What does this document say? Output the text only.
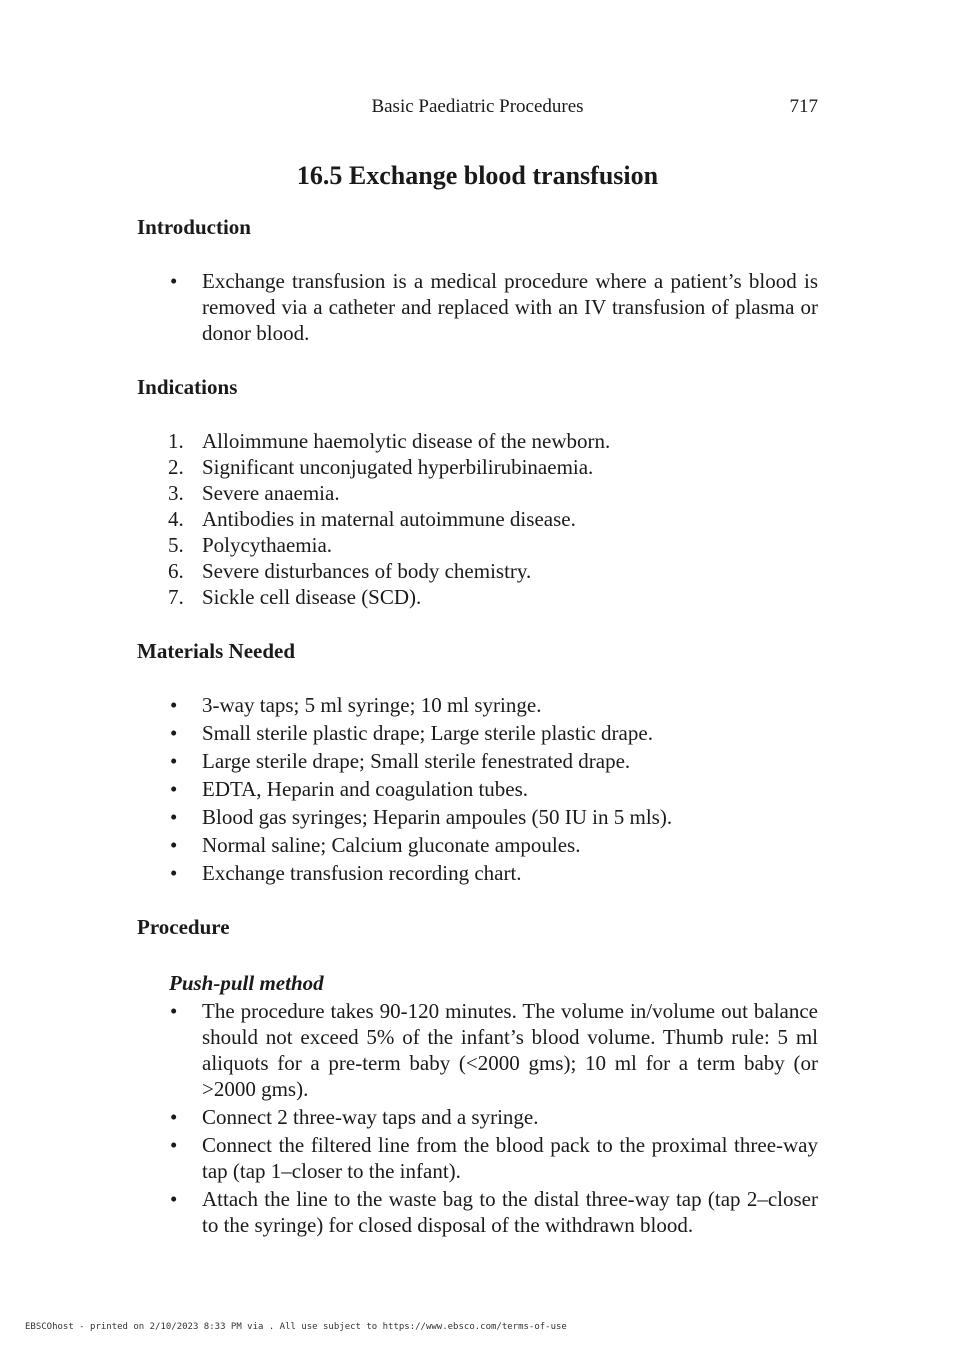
Basic Paediatric Procedures	717
16.5 Exchange blood transfusion
Introduction
• Exchange transfusion is a medical procedure where a patient’s blood is removed via a catheter and replaced with an IV transfusion of plasma or donor blood.
Indications
1. Alloimmune haemolytic disease of the newborn.
2. Significant unconjugated hyperbilirubinaemia.
3. Severe anaemia.
4. Antibodies in maternal autoimmune disease.
5. Polycythaemia.
6. Severe disturbances of body chemistry.
7. Sickle cell disease (SCD).
Materials Needed
• 3-way taps; 5 ml syringe; 10 ml syringe.
• Small sterile plastic drape; Large sterile plastic drape.
• Large sterile drape; Small sterile fenestrated drape.
• EDTA, Heparin and coagulation tubes.
• Blood gas syringes; Heparin ampoules (50 IU in 5 mls).
• Normal saline; Calcium gluconate ampoules.
• Exchange transfusion recording chart.
Procedure

Push-pull method

• The procedure takes 90-120 minutes. The volume in/volume out balance should not exceed 5% of the infant’s blood volume. Thumb rule: 5 ml aliquots for a pre-term baby (<2000 gms); 10 ml for a term baby (or >2000 gms).
• Connect 2 three-way taps and a syringe.
• Connect the filtered line from the blood pack to the proximal three-way tap (tap 1–closer to the infant).
• Attach the line to the waste bag to the distal three-way tap (tap 2–closer to the syringe) for closed disposal of the withdrawn blood.
EBSCOhost - printed on 2/10/2023 8:33 PM via . All use subject to https://www.ebsco.com/terms-of-use
